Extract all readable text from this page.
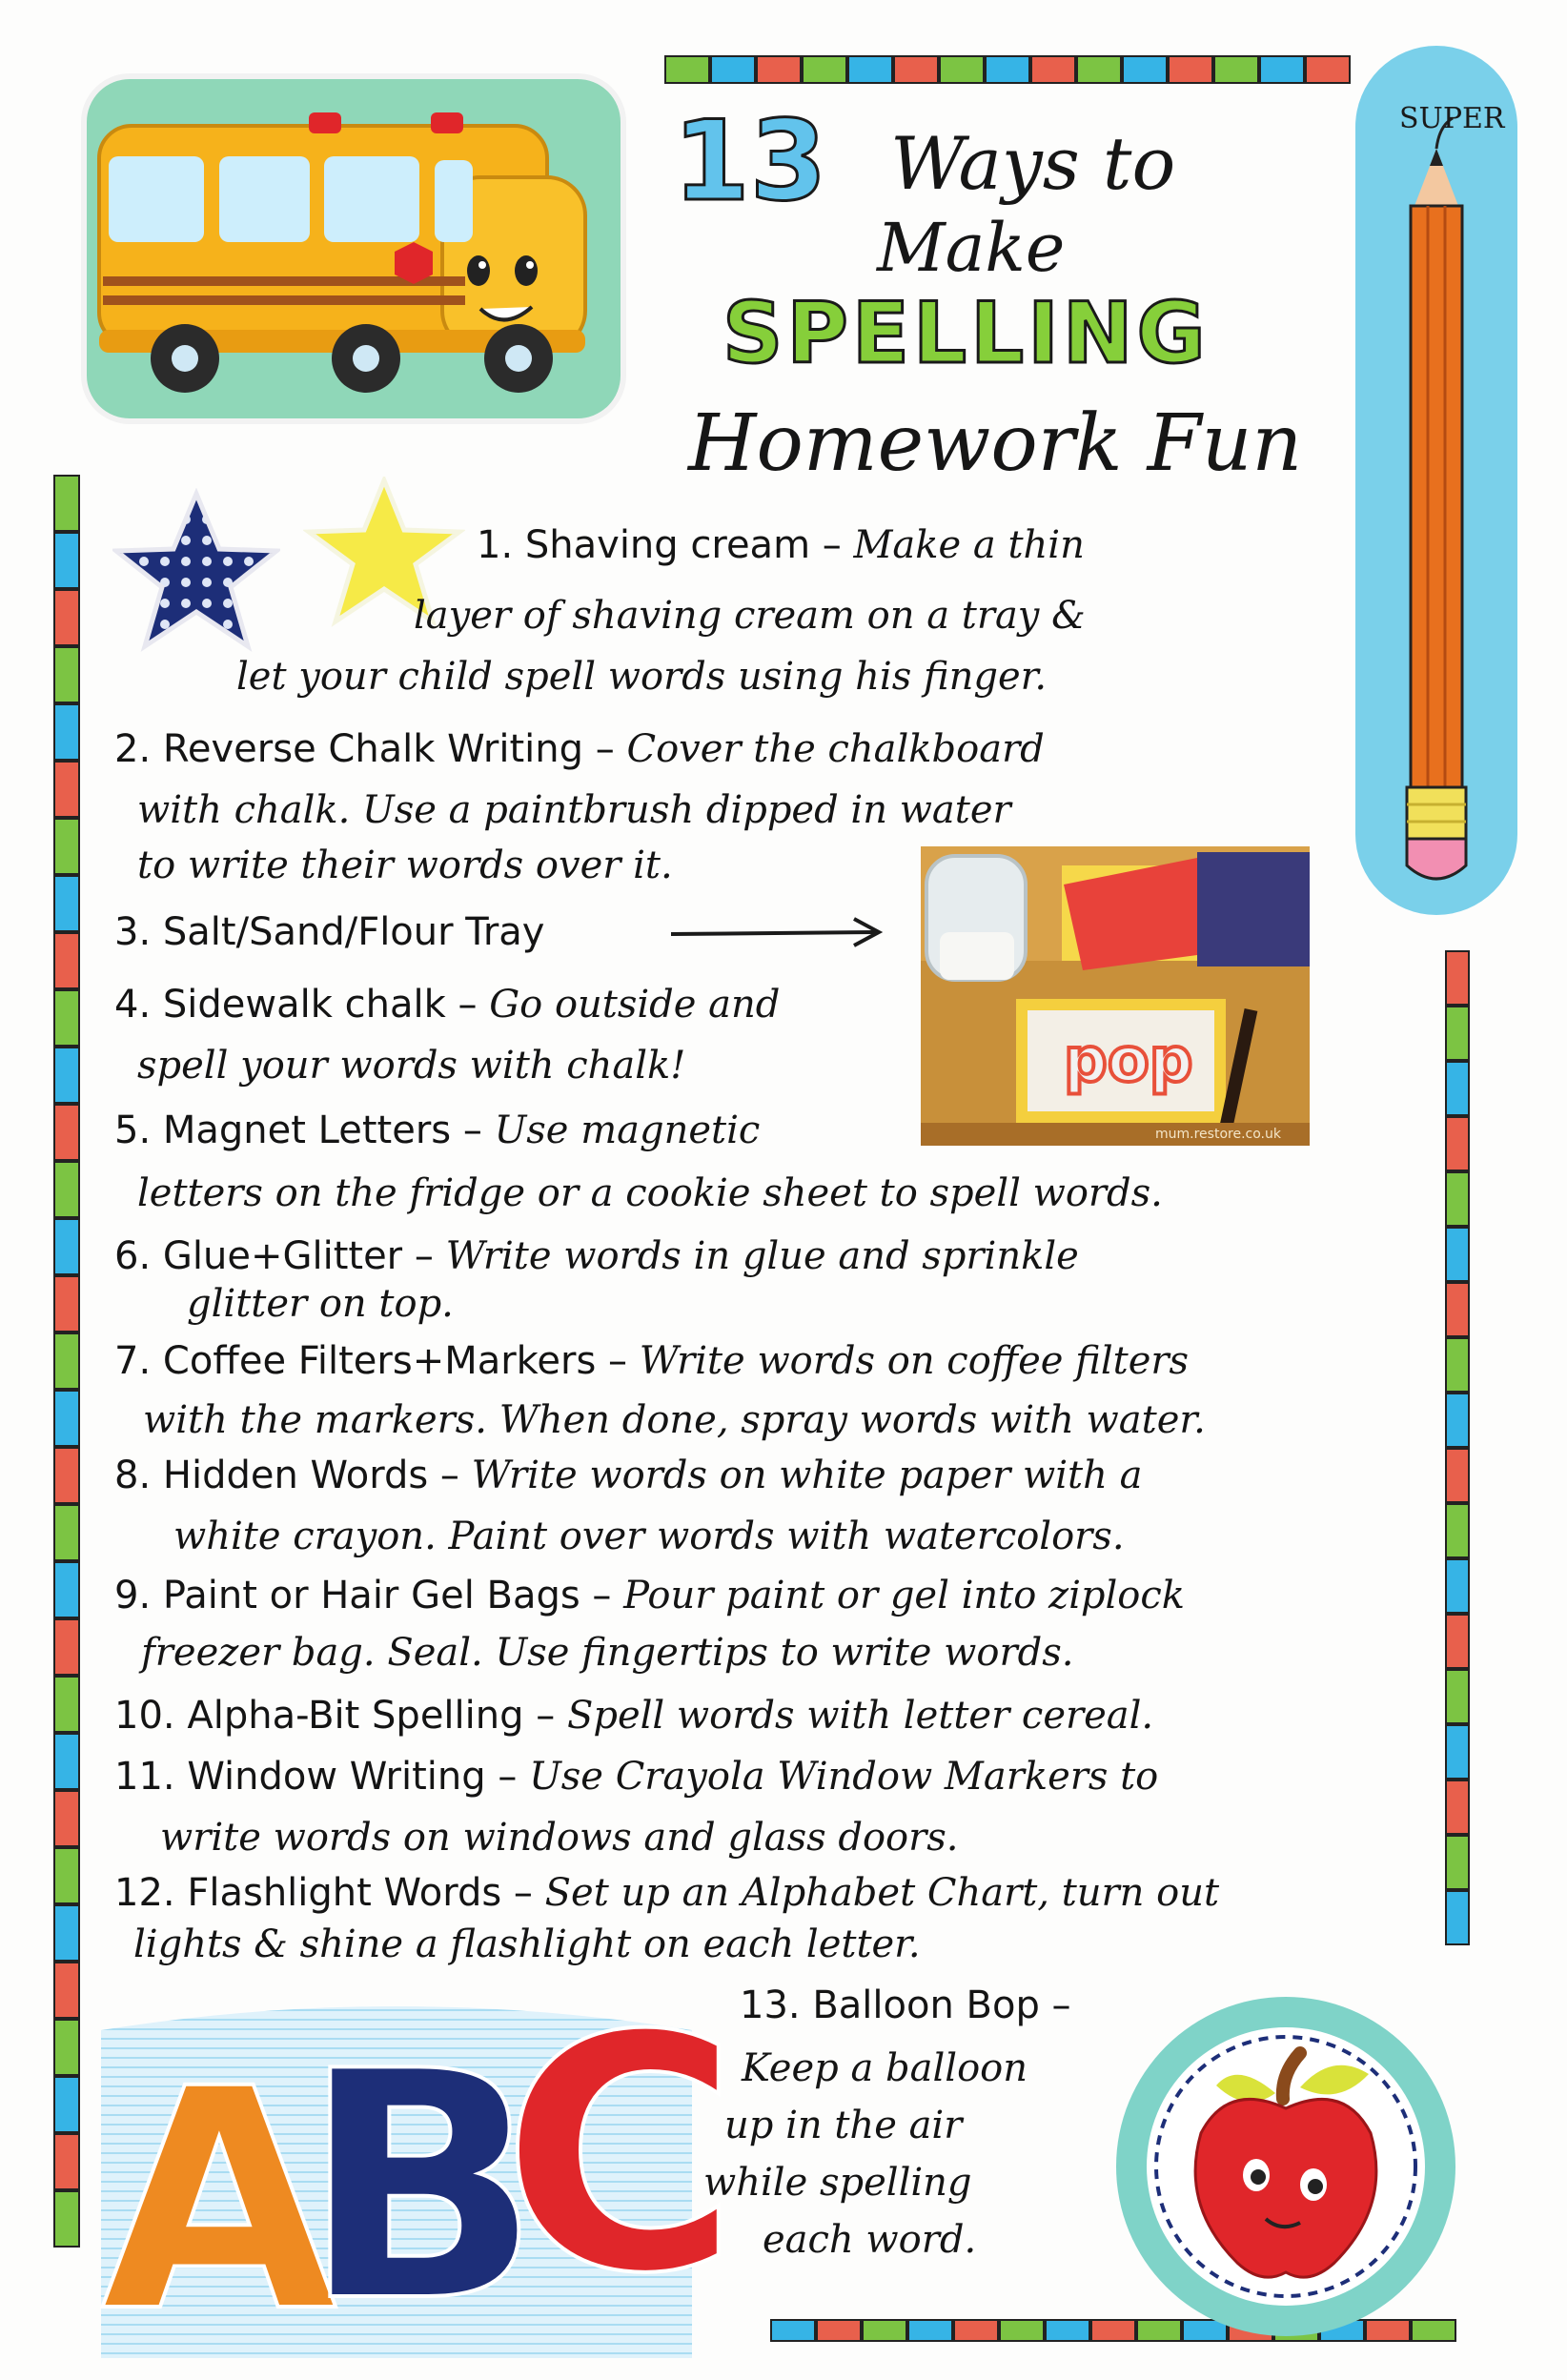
13 Ways to
Make
SPELLING
Homework Fun
SUPER
pop
mum.restore.co.uk
1. Shaving cream – Make a thin
layer of shaving cream on a tray &
let your child spell words using his finger.
2. Reverse Chalk Writing – Cover the chalkboard
with chalk. Use a paintbrush dipped in water
to write their words over it.
3. Salt/Sand/Flour Tray
4. Sidewalk chalk – Go outside and
spell your words with chalk!
5. Magnet Letters – Use magnetic
letters on the fridge or a cookie sheet to spell words.
6. Glue+Glitter – Write words in glue and sprinkle
glitter on top.
7. Coffee Filters+Markers – Write words on coffee filters
with the markers. When done, spray words with water.
8. Hidden Words – Write words on white paper with a
white crayon. Paint over words with watercolors.
9. Paint or Hair Gel Bags – Pour paint or gel into ziplock
freezer bag. Seal. Use fingertips to write words.
10. Alpha-Bit Spelling – Spell words with letter cereal.
11. Window Writing – Use Crayola Window Markers to
write words on windows and glass doors.
12. Flashlight Words – Set up an Alphabet Chart, turn out
lights & shine a flashlight on each letter.
13. Balloon Bop –
Keep a balloon
up in the air
while spelling
each word.
A
B
C
